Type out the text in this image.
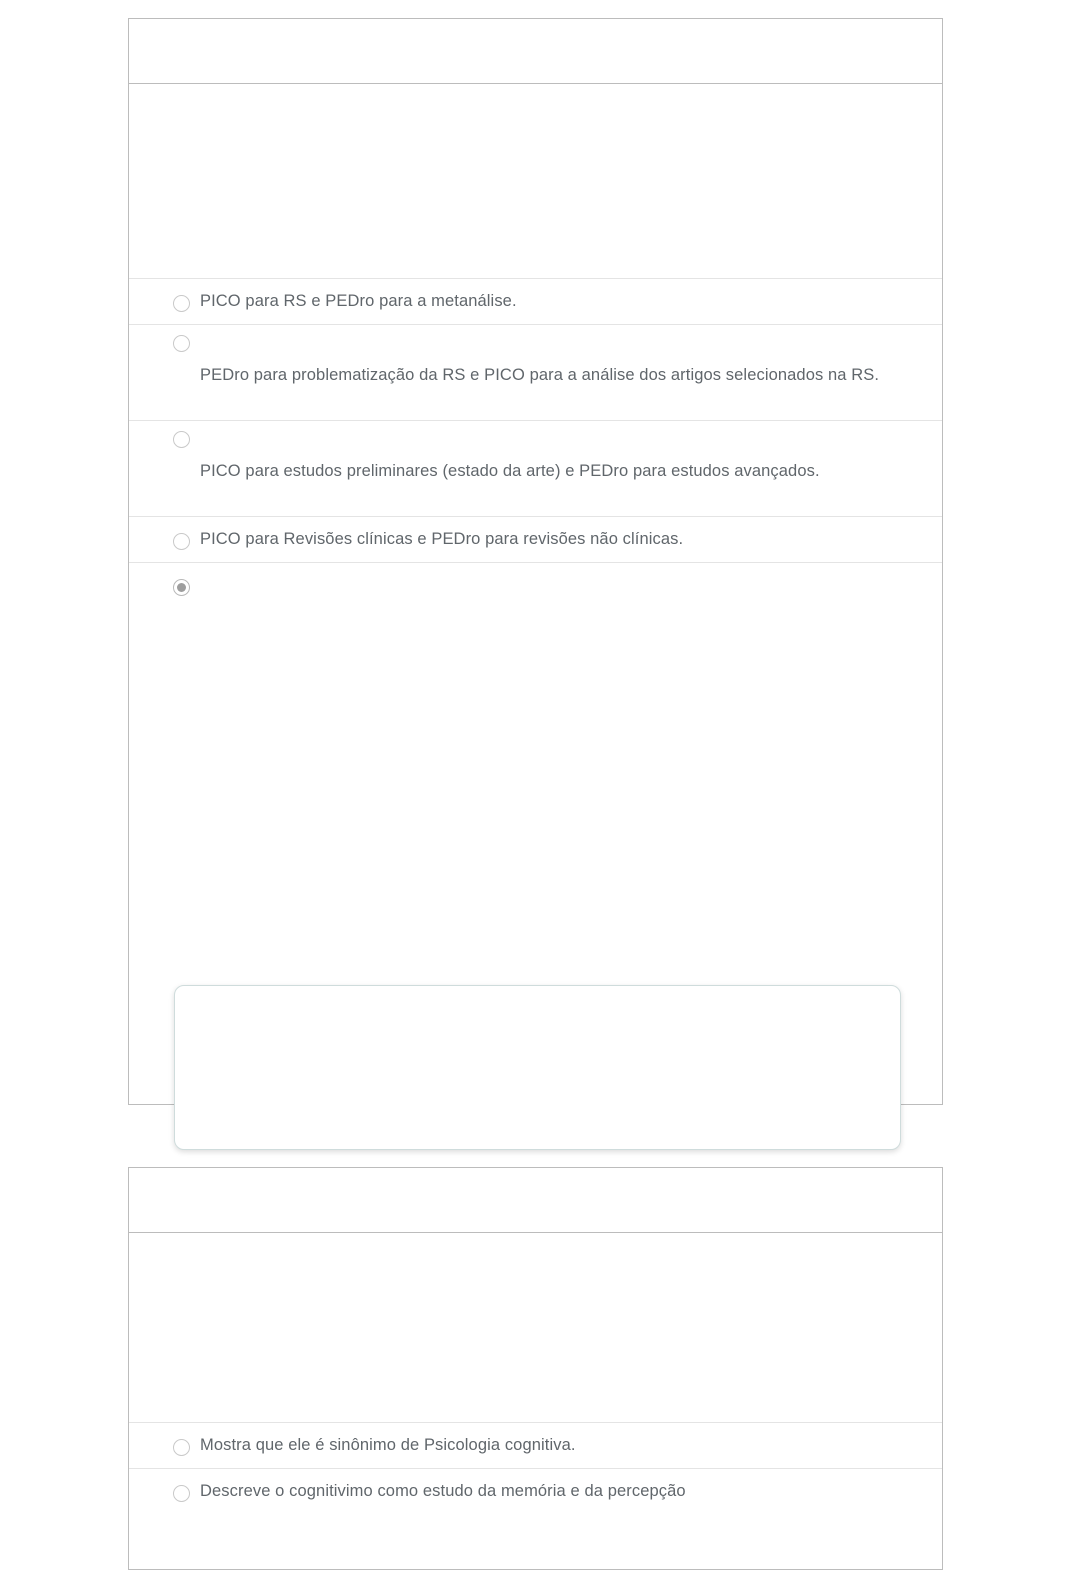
PICO para RS e PEDro para a metanálise.
PEDro para problematização da RS e PICO para a análise dos artigos selecionados na RS.
PICO para estudos preliminares (estado da arte) e PEDro para estudos avançados.
PICO para Revisões clínicas e PEDro para revisões não clínicas.
Mostra que ele é sinônimo de Psicologia cognitiva.
Descreve o cognitivimo como estudo da memória e da percepção
